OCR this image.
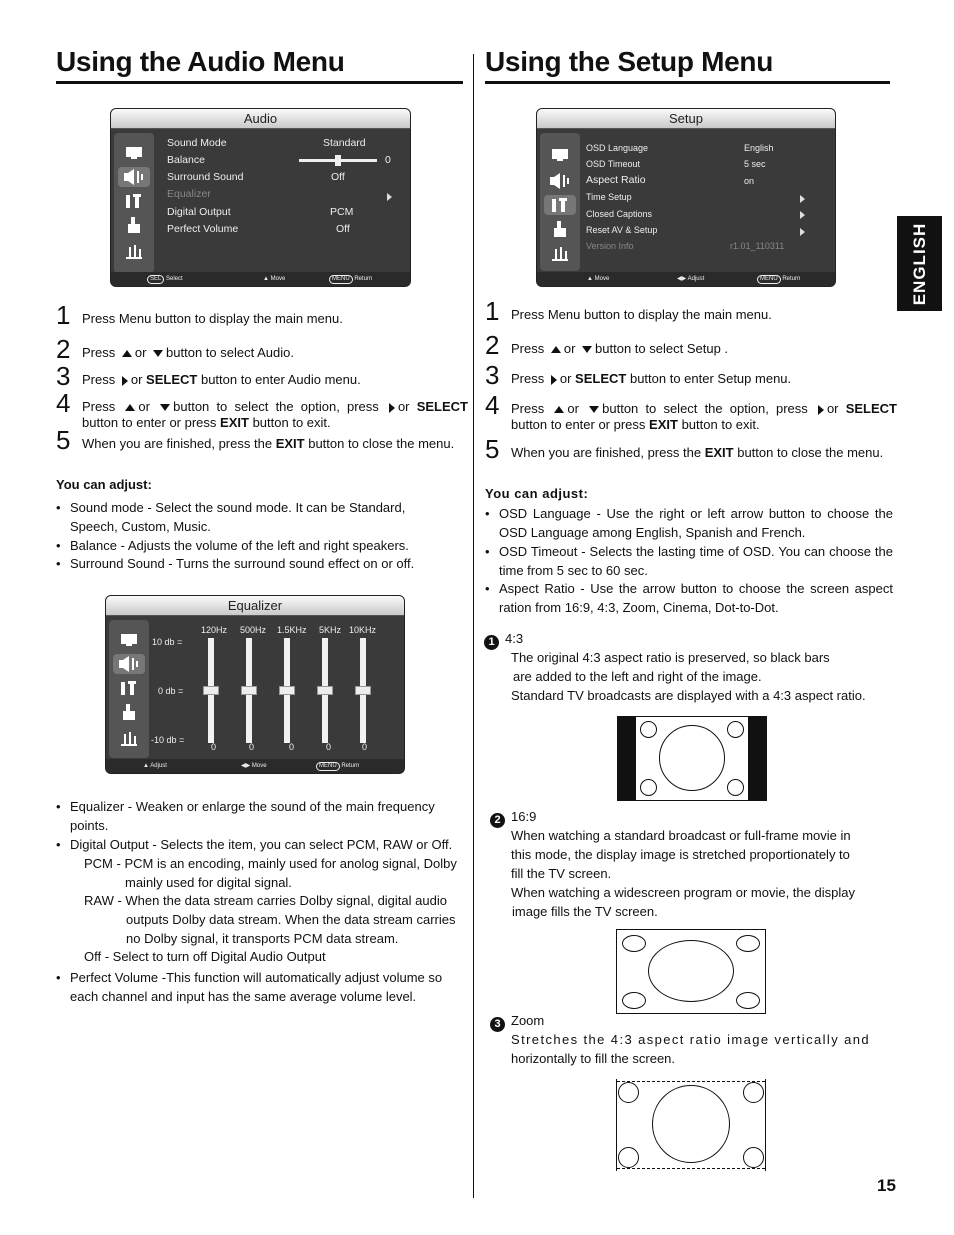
Using the Audio Menu
Audio
Sound Mode	Standard
Balance	0
Surround Sound	Off
Equalizer
Digital Output	PCM
Perfect Volume	Off
SEL Select	▲ Move	MENU Return
1 Press Menu button to display the main menu.
2 Press or button to select Audio.
3 Press or SELECT button to enter Audio menu.
4 Press or button to select the option, press or SELECT button to enter or press EXIT button to exit.
5 When you are finished, press the EXIT button to close the menu.
You can adjust:
• Sound mode - Select the sound mode. It can be Standard, Speech, Custom, Music.
• Balance - Adjusts the volume of the left and right speakers.
• Surround Sound - Turns the surround sound effect on or off.
Equalizer
120Hz 500Hz 1.5KHz 5KHz 10KHz
10 db =
0 db =
-10 db =
0	0	0	0	0
▲ Adjust	◀▶ Move	MENU Return
• Equalizer - Weaken or enlarge the sound of the main frequency points.
• Digital Output - Selects the item, you can select PCM, RAW or Off.
PCM - PCM is an encoding, mainly used for anolog signal, Dolby mainly used for digital signal.
RAW - When the data stream carries Dolby signal, digital audio outputs Dolby data stream. When the data stream carries no Dolby signal, it transports PCM data stream.
Off - Select to turn off Digital Audio Output
• Perfect Volume -This function will automatically adjust volume so each channel and input has the same average volume level.
Using the Setup Menu
Setup
OSD Language	English
OSD Timeout	5 sec
Aspect Ratio	on
Time Setup
Closed Captions
Reset AV & Setup
Version Info	r1.01_110311
▲ Move	◀▶ Adjust	MENU Return
1 Press Menu button to display the main menu.
2 Press or button to select Setup .
3 Press or SELECT button to enter Setup menu.
4 Press or button to select the option, press or SELECT button to enter or press EXIT button to exit.
5 When you are finished, press the EXIT button to close the menu.
You can adjust:
• OSD Language - Use the right or left arrow button to choose the OSD Language among English, Spanish and French.
• OSD Timeout - Selects the lasting time of OSD. You can choose the time from 5 sec to 60 sec.
• Aspect Ratio - Use the arrow button to choose the screen aspect ration from 16:9, 4:3, Zoom, Cinema, Dot-to-Dot.
1 4:3
The original 4:3 aspect ratio is preserved, so black bars
are added to the left and right of the image.
Standard TV broadcasts are displayed with a 4:3 aspect ratio.
2 16:9
When watching a standard broadcast or full-frame movie in
this mode, the display image is stretched proportionately to
fill the TV screen.
When watching a widescreen program or movie, the display
image fills the TV screen.
3 Zoom
Stretches the 4:3 aspect ratio image vertically and
horizontally to fill the screen.
ENGLISH
15
